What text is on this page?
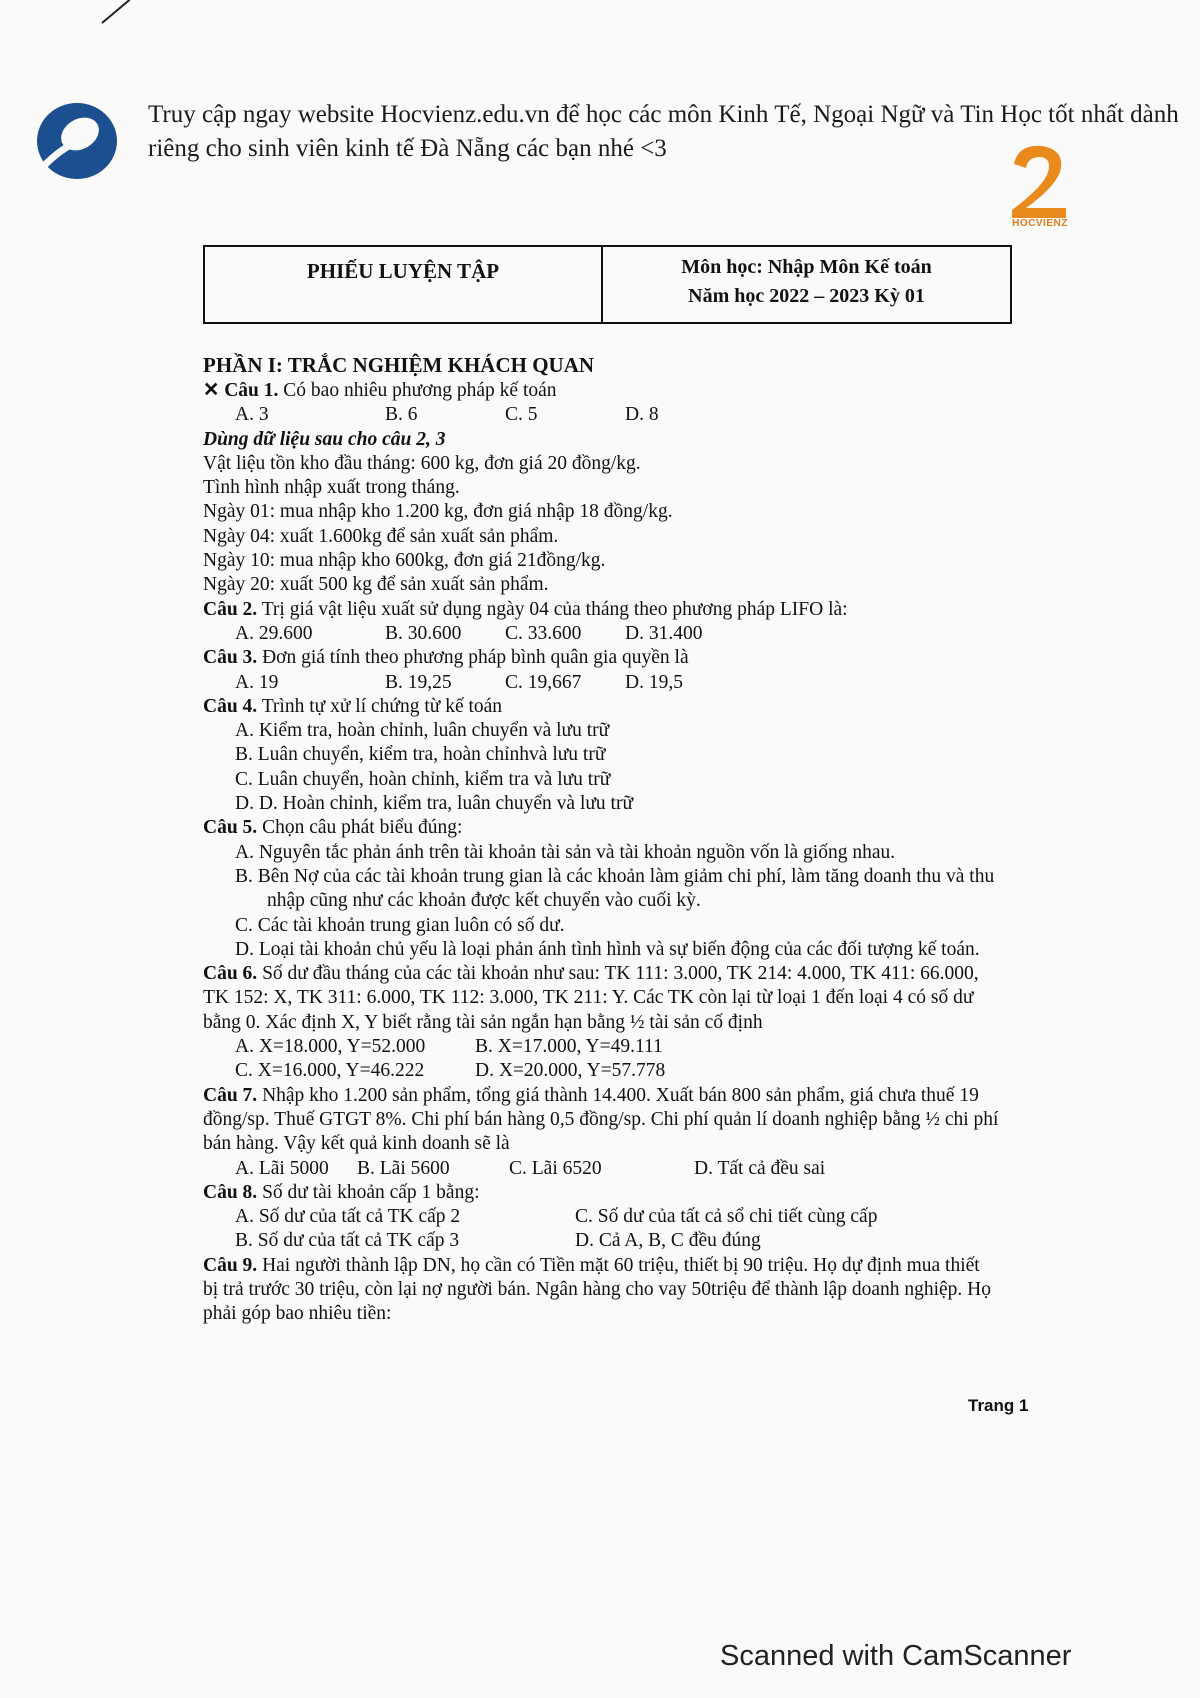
Truy cập ngay website Hocvienz.edu.vn để học các môn Kinh Tế, Ngoại Ngữ và Tin Học tốt nhất dành riêng cho sinh viên kinh tế Đà Nẵng các bạn nhé <3
HOCVIENZ
PHIẾU LUYỆN TẬP	Môn học: Nhập Môn Kế toán
Năm học 2022 – 2023 Kỳ 01

PHẦN I: TRẮC NGHIỆM KHÁCH QUAN

✕ Câu 1. Có bao nhiêu phương pháp kế toán

A. 3	B. 6	C. 5	D. 8

Dùng dữ liệu sau cho câu 2, 3

Vật liệu tồn kho đầu tháng: 600 kg, đơn giá 20 đồng/kg.

Tình hình nhập xuất trong tháng.

Ngày 01: mua nhập kho 1.200 kg, đơn giá nhập 18 đồng/kg.

Ngày 04: xuất 1.600kg để sản xuất sản phẩm.

Ngày 10: mua nhập kho 600kg, đơn giá 21đồng/kg.

Ngày 20: xuất 500 kg để sản xuất sản phẩm.

Câu 2. Trị giá vật liệu xuất sử dụng ngày 04 của tháng theo phương pháp LIFO là:

A. 29.600	B. 30.600	C. 33.600	D. 31.400

Câu 3. Đơn giá tính theo phương pháp bình quân gia quyền là

A. 19	B. 19,25	C. 19,667	D. 19,5

Câu 4. Trình tự xử lí chứng từ kế toán

A. Kiểm tra, hoàn chỉnh, luân chuyển và lưu trữ

B. Luân chuyển, kiểm tra, hoàn chỉnhvà lưu trữ

C. Luân chuyển, hoàn chỉnh, kiểm tra và lưu trữ

D. D. Hoàn chỉnh, kiểm tra, luân chuyển và lưu trữ

Câu 5. Chọn câu phát biểu đúng:

A. Nguyên tắc phản ánh trên tài khoản tài sản và tài khoản nguồn vốn là giống nhau.

B. Bên Nợ của các tài khoản trung gian là các khoản làm giảm chi phí, làm tăng doanh thu và thu

nhập cũng như các khoản được kết chuyển vào cuối kỳ.

C. Các tài khoản trung gian luôn có số dư.

D. Loại tài khoản chủ yếu là loại phản ánh tình hình và sự biến động của các đối tượng kế toán.

Câu 6. Số dư đầu tháng của các tài khoản như sau: TK 111: 3.000, TK 214: 4.000, TK 411: 66.000,

TK 152: X, TK 311: 6.000, TK 112: 3.000, TK 211: Y. Các TK còn lại từ loại 1 đến loại 4 có số dư

bằng 0. Xác định X, Y biết rằng tài sản ngắn hạn bằng ½ tài sản cố định

A. X=18.000, Y=52.000	B. X=17.000, Y=49.111
C. X=16.000, Y=46.222	D. X=20.000, Y=57.778

Câu 7. Nhập kho 1.200 sản phẩm, tổng giá thành 14.400. Xuất bán 800 sản phẩm, giá chưa thuế 19

đồng/sp. Thuế GTGT 8%. Chi phí bán hàng 0,5 đồng/sp. Chi phí quản lí doanh nghiệp bằng ½ chi phí

bán hàng. Vậy kết quả kinh doanh sẽ là

A. Lãi 5000	B. Lãi 5600	C. Lãi 6520	D. Tất cả đều sai

Câu 8. Số dư tài khoản cấp 1 bằng:

A. Số dư của tất cả TK cấp 2	C. Số dư của tất cả sổ chi tiết cùng cấp
B. Số dư của tất cả TK cấp 3	D. Cả A, B, C đều đúng

Câu 9. Hai người thành lập DN, họ cần có Tiền mặt 60 triệu, thiết bị 90 triệu. Họ dự định mua thiết

bị trả trước 30 triệu, còn lại nợ người bán. Ngân hàng cho vay 50triệu để thành lập doanh nghiệp. Họ

phải góp bao nhiêu tiền:

Trang 1
Scanned with CamScanner
